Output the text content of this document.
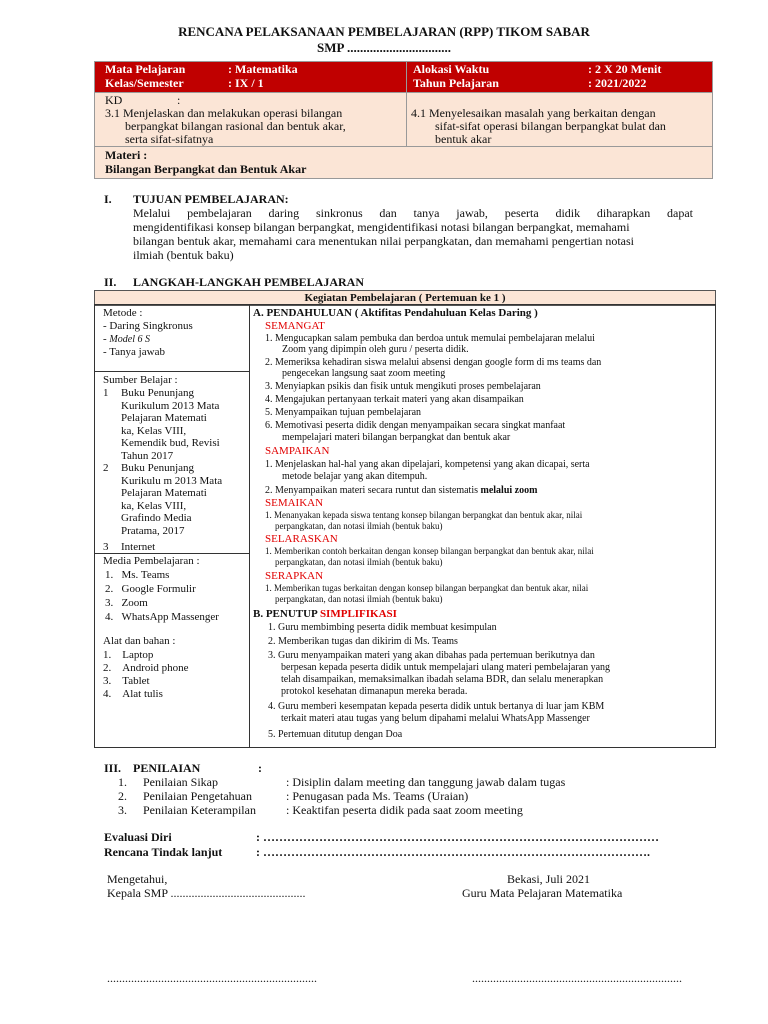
RENCANA PELAKSANAAN PEMBELAJARAN (RPP) TIKOM SABAR
SMP ................................
Mata Pelajaran	: Matematika
Kelas/Semester	: IX / 1
Alokasi Waktu	: 2 X 20 Menit
Tahun Pelajaran	: 2021/2022
KD	:
3.1 Menjelaskan dan melakukan operasi bilangan
berpangkat bilangan rasional dan bentuk akar,
serta sifat-sifatnya
4.1 Menyelesaikan masalah yang berkaitan dengan
sifat-sifat operasi bilangan berpangkat bulat dan
bentuk akar
Materi :
Bilangan Berpangkat dan Bentuk Akar
I. TUJUAN PEMBELAJARAN:
Melalui pembelajaran daring sinkronus dan tanya jawab, peserta didik diharapkan dapat
mengidentifikasi konsep bilangan berpangkat, mengidentifikasi notasi bilangan berpangkat, memahami
bilangan bentuk akar, memahami cara menentukan nilai perpangkatan, dan memahami pengertian notasi
ilmiah (bentuk baku)
II. LANGKAH-LANGKAH PEMBELAJARAN
Kegiatan Pembelajaran ( Pertemuan ke 1 )
Metode :
- Daring Singkronus
- Model 6 S
- Tanya jawab
Sumber Belajar :
1 Buku Penunjang
Kurikulum 2013 Mata
Pelajaran Matemati
ka, Kelas VIII,
Kemendik bud, Revisi
Tahun 2017
2 Buku Penunjang
Kurikulu m 2013 Mata
Pelajaran Matemati
ka, Kelas VIII,
Grafindo Media
Pratama, 2017
3 Internet
Media Pembelajaran :
1.   Ms. Teams
2.   Google Formulir
3.   Zoom
4.   WhatsApp Massenger
Alat dan bahan :
1.    Laptop
2.    Android phone
3.    Tablet
4.    Alat tulis
A. PENDAHULUAN ( Aktifitas Pendahuluan Kelas Daring )
SEMANGAT
1. Mengucapkan salam pembuka dan berdoa untuk memulai pembelajaran melalui
Zoom yang dipimpin oleh guru / peserta didik.
2. Memeriksa kehadiran siswa melalui absensi dengan google form di ms teams dan
pengecekan langsung saat zoom meeting
3. Menyiapkan psikis dan fisik untuk mengikuti proses pembelajaran
4. Mengajukan pertanyaan terkait materi yang akan disampaikan
5. Menyampaikan tujuan pembelajaran
6. Memotivasi peserta didik dengan menyampaikan secara singkat manfaat
mempelajari materi bilangan berpangkat dan bentuk akar
SAMPAIKAN
1. Menjelaskan hal-hal yang akan dipelajari, kompetensi yang akan dicapai, serta
metode belajar yang akan ditempuh.
2. Menyampaikan materi secara runtut dan sistematis melalui zoom
SEMAIKAN
1. Menanyakan kepada siswa tentang konsep bilangan berpangkat dan bentuk akar, nilai
perpangkatan, dan notasi ilmiah (bentuk baku)
SELARASKAN
1. Memberikan contoh berkaitan dengan konsep bilangan berpangkat dan bentuk akar, nilai
perpangkatan, dan notasi ilmiah (bentuk baku)
SERAPKAN
1. Memberikan tugas berkaitan dengan konsep bilangan berpangkat dan bentuk akar, nilai
perpangkatan, dan notasi ilmiah (bentuk baku)
B. PENUTUP SIMPLIFIKASI
1. Guru membimbing peserta didik membuat kesimpulan
2. Memberikan tugas dan dikirim di Ms. Teams
3. Guru menyampaikan materi yang akan dibahas pada pertemuan berikutnya dan
berpesan kepada peserta didik untuk mempelajari ulang materi pembelajaran yang
telah disampaikan, memaksimalkan ibadah selama BDR, dan selalu menerapkan
protokol kesehatan dimanapun mereka berada.
4. Guru memberi kesempatan kepada peserta didik untuk bertanya di luar jam KBM
terkait materi atau tugas yang belum dipahami melalui WhatsApp Massenger
5. Pertemuan ditutup dengan Doa
III. PENILAIAN	:
1. Penilaian Sikap	: Disiplin dalam meeting dan tanggung jawab dalam tugas
2. Penilaian Pengetahuan	: Penugasan pada Ms. Teams (Uraian)
3. Penilaian Keterampilan	: Keaktifan peserta didik pada saat zoom meeting
Evaluasi Diri	: ………………………………………………………………………………………
Rencana Tindak lanjut	: …………………………………………………………………………………….
Mengetahui,
Kepala SMP .............................................
Bekasi, Juli 2021
Guru Mata Pelajaran Matematika
......................................................................	......................................................................
